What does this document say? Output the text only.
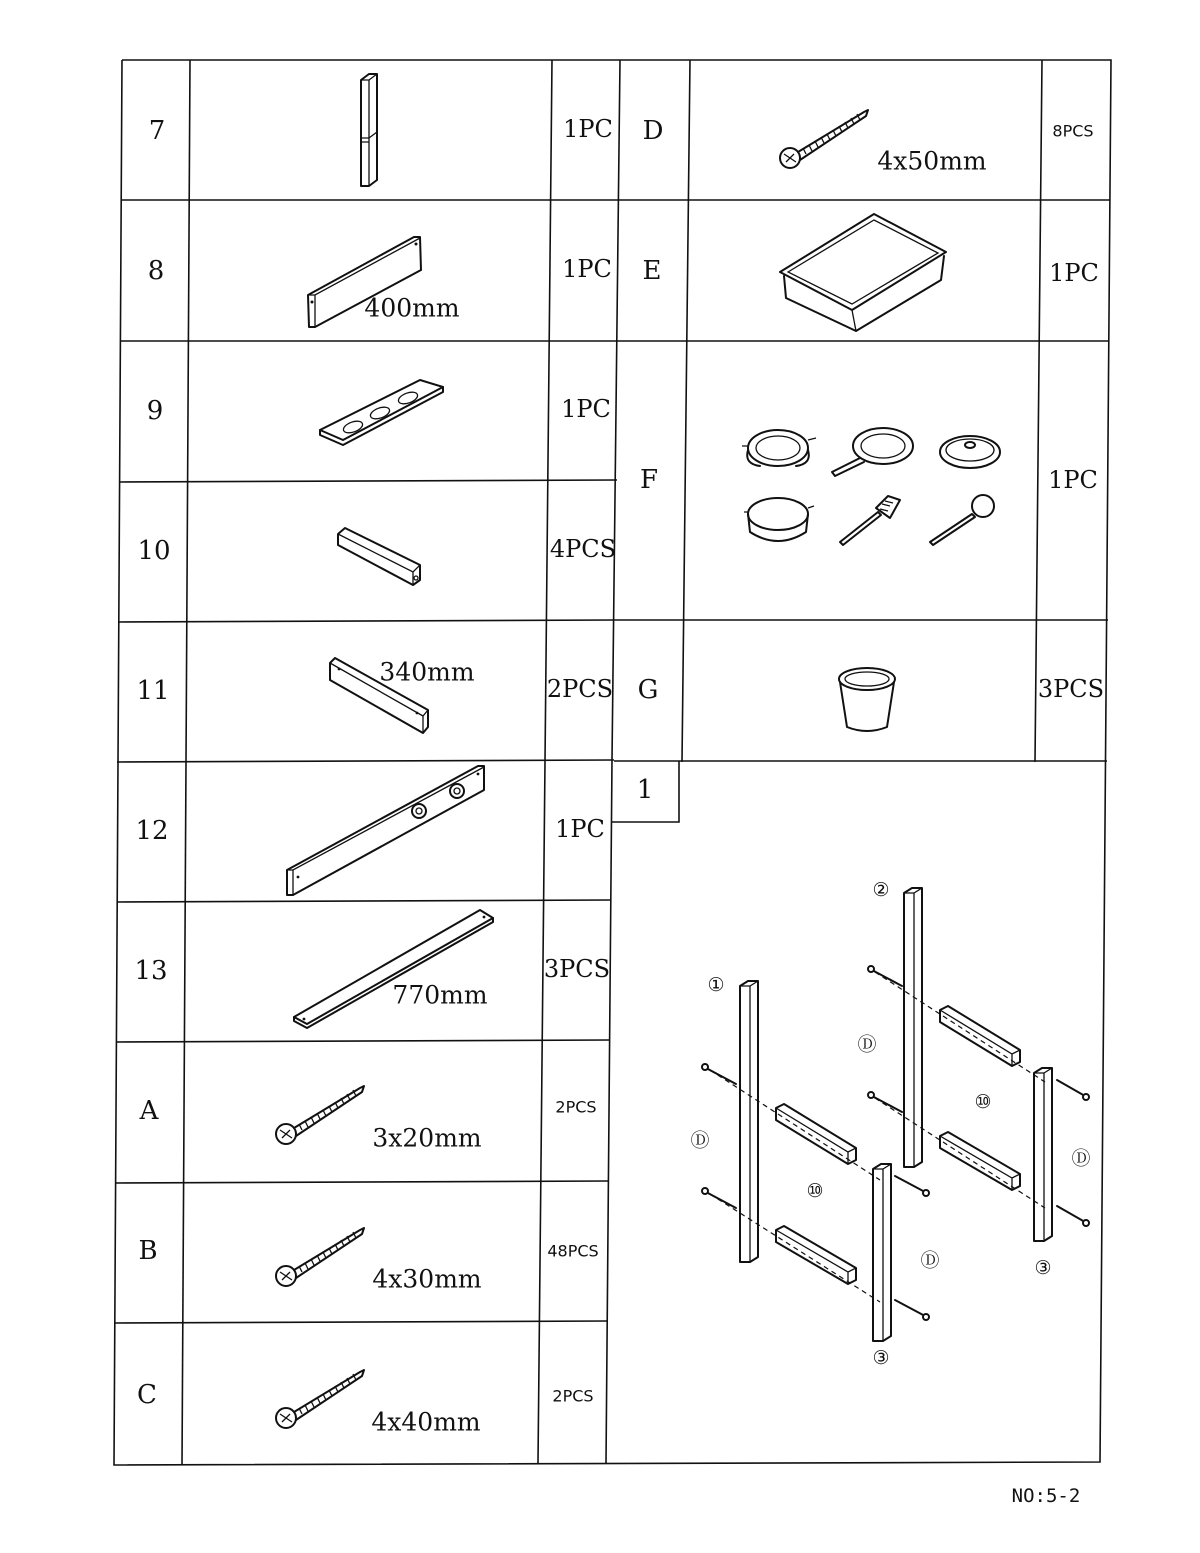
7	1PC
8	1PC
400mm
9	1PC
10	4PCS
11	2PCS
340mm
12	1PC
13	3PCS
770mm
A	2PCS
3x20mm
B	48PCS
4x30mm
C	2PCS
4x40mm
D	8PCS
4x50mm
E	1PC
F	1PC
G	3PCS
1
①
②
③
③
Ⓓ
Ⓓ
Ⓓ
Ⓓ
⑩
⑩
NO:5-2
